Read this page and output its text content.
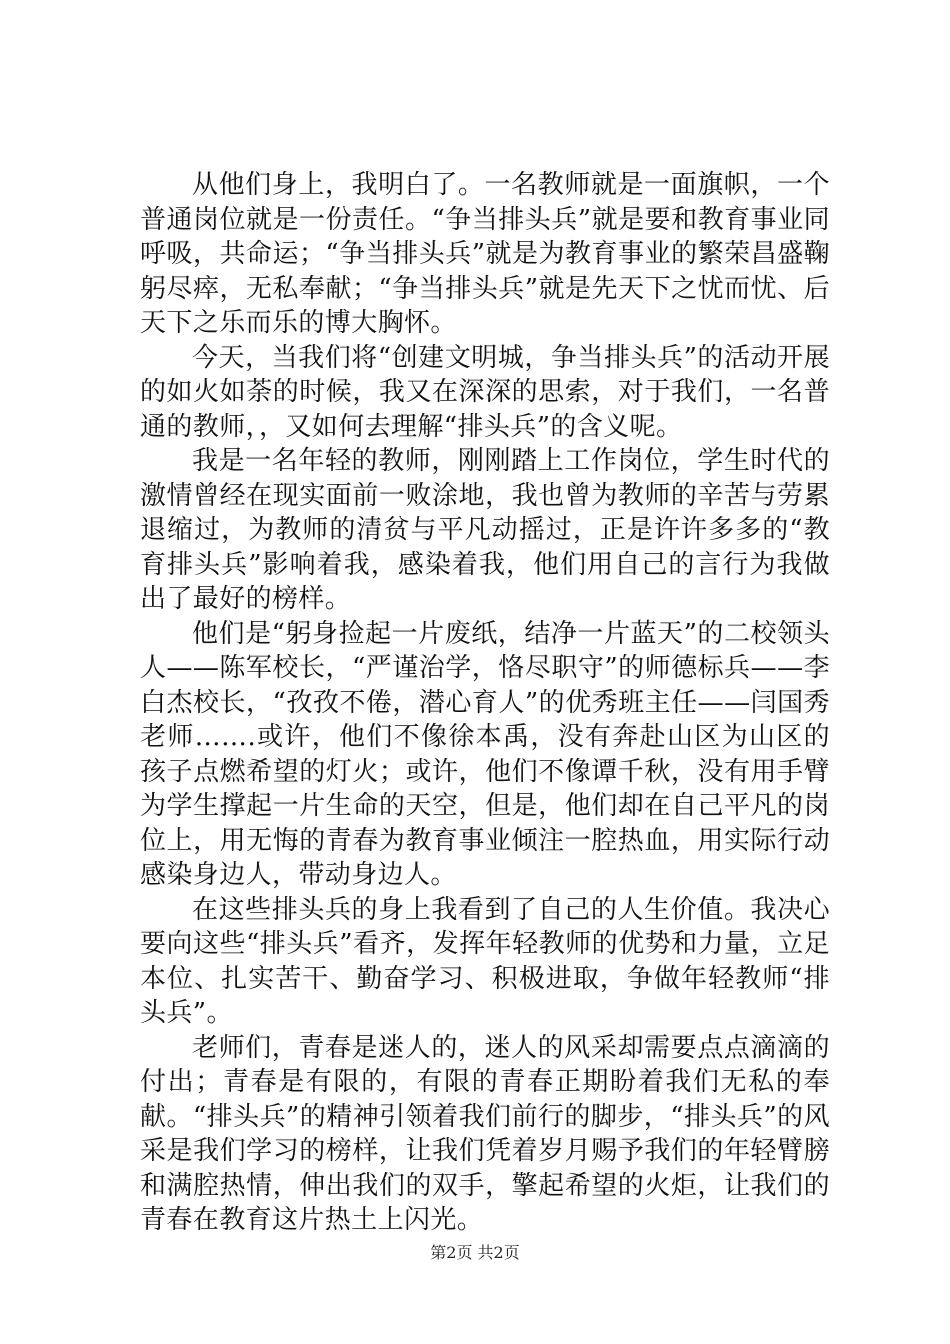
从他们身上，我明白了。一名教师就是一面旗帜，一个普通岗位就是一份责任。“争当排头兵”就是要和教育事业同呼吸，共命运；“争当排头兵”就是为教育事业的繁荣昌盛鞠躬尽瘁，无私奉献；“争当排头兵”就是先天下之忧而忧、后天下之乐而乐的博大胸怀。

今天，当我们将“创建文明城，争当排头兵”的活动开展的如火如荼的时候，我又在深深的思索，对于我们，一名普通的教师，，又如何去理解“排头兵”的含义呢。

我是一名年轻的教师，刚刚踏上工作岗位，学生时代的激情曾经在现实面前一败涂地，我也曾为教师的辛苦与劳累退缩过，为教师的清贫与平凡动摇过，正是许许多多的“教育排头兵”影响着我，感染着我，他们用自己的言行为我做出了最好的榜样。

他们是“躬身捡起一片废纸，结净一片蓝天”的二校领头人——陈军校长，“严谨治学，恪尽职守”的师德标兵——李白杰校长，“孜孜不倦，潜心育人”的优秀班主任——闫国秀老师…….或许，他们不像徐本禹，没有奔赴山区为山区的孩子点燃希望的灯火；或许，他们不像谭千秋，没有用手臂为学生撑起一片生命的天空，但是，他们却在自己平凡的岗位上，用无悔的青春为教育事业倾注一腔热血，用实际行动感染身边人，带动身边人。

在这些排头兵的身上我看到了自己的人生价值。我决心要向这些“排头兵”看齐，发挥年轻教师的优势和力量，立足本位、扎实苦干、勤奋学习、积极进取，争做年轻教师“排头兵”。

老师们，青春是迷人的，迷人的风采却需要点点滴滴的付出；青春是有限的，有限的青春正期盼着我们无私的奉献。“排头兵”的精神引领着我们前行的脚步，“排头兵”的风采是我们学习的榜样，让我们凭着岁月赐予我们的年轻臂膀和满腔热情，伸出我们的双手，擎起希望的火炬，让我们的青春在教育这片热土上闪光。

第2页 共2页
